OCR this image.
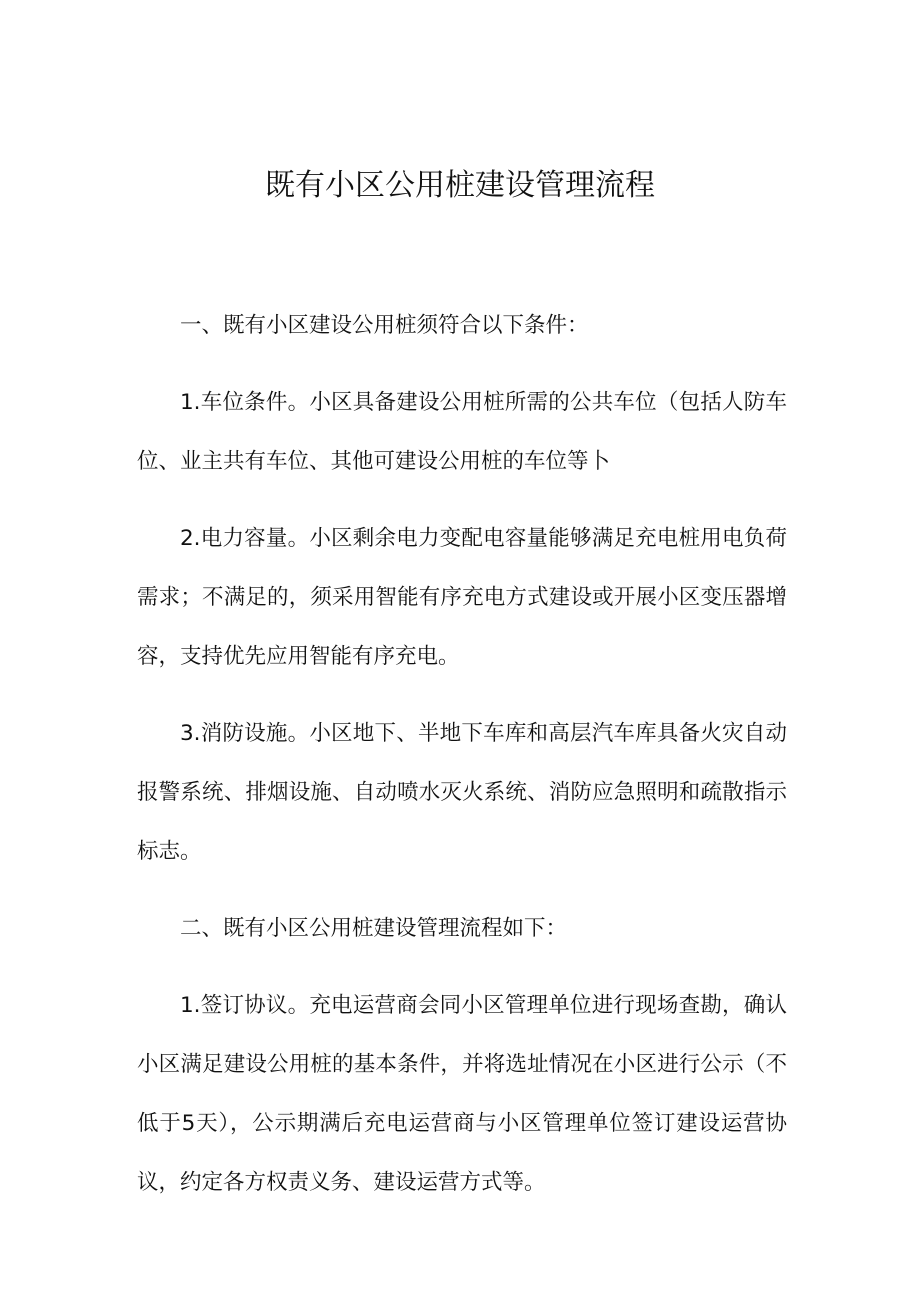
既有小区公用桩建设管理流程

一、既有小区建设公用桩须符合以下条件：

1.车位条件。小区具备建设公用桩所需的公共车位（包括人防车位、业主共有车位、其他可建设公用桩的车位等卜

2.电力容量。小区剩余电力变配电容量能够满足充电桩用电负荷需求；不满足的，须采用智能有序充电方式建设或开展小区变压器增容，支持优先应用智能有序充电。

3.消防设施。小区地下、半地下车库和高层汽车库具备火灾自动报警系统、排烟设施、自动喷水灭火系统、消防应急照明和疏散指示标志。

二、既有小区公用桩建设管理流程如下：

1.签订协议。充电运营商会同小区管理单位进行现场查勘，确认小区满足建设公用桩的基本条件，并将选址情况在小区进行公示（不低于5天），公示期满后充电运营商与小区管理单位签订建设运营协议，约定各方权责义务、建设运营方式等。
